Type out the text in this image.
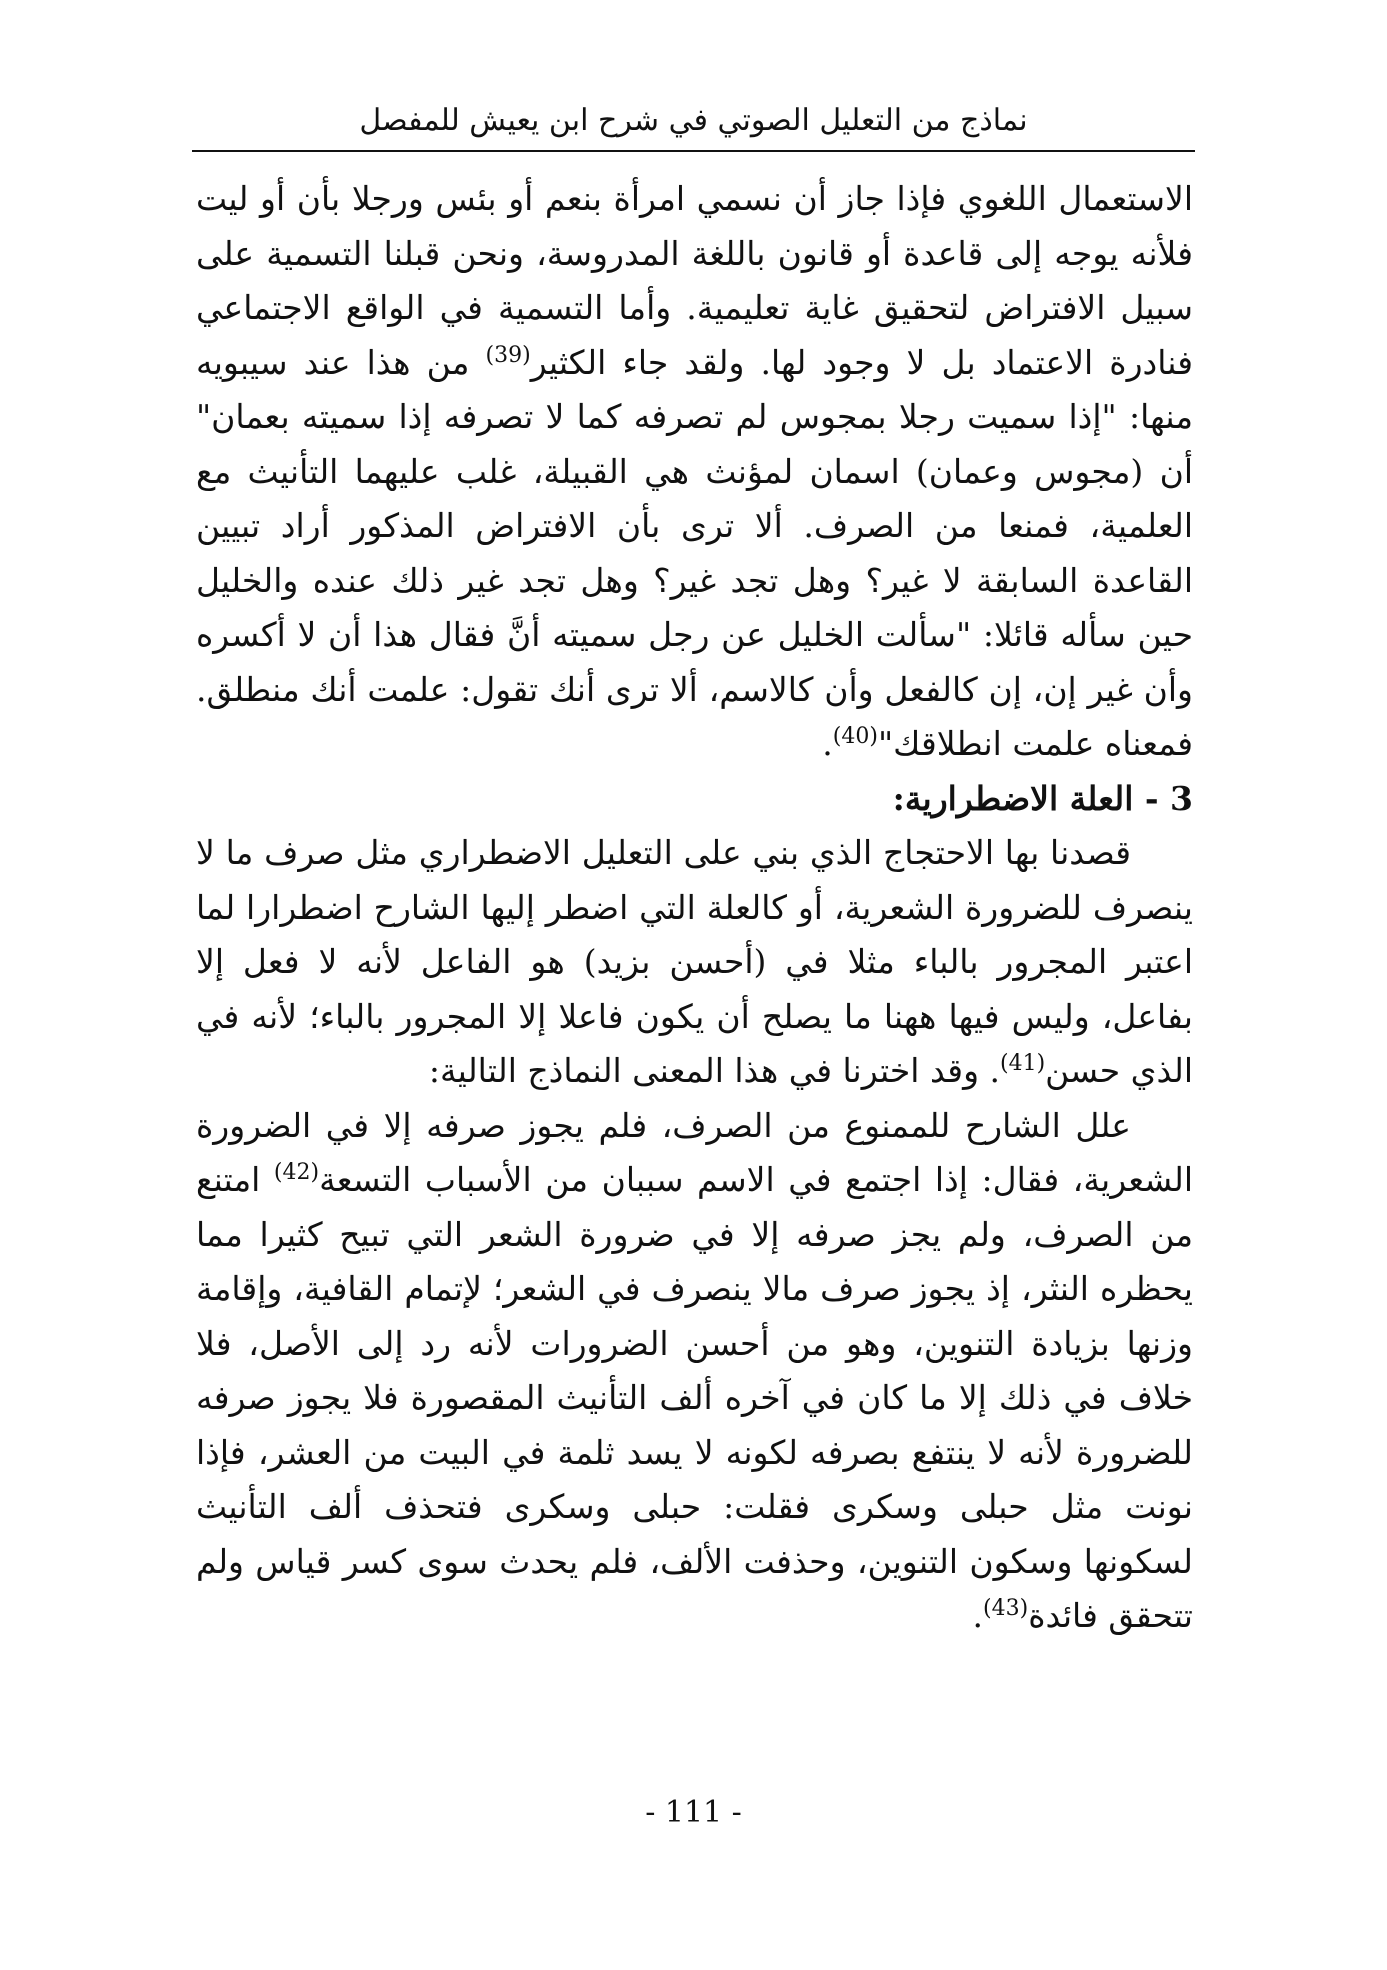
نماذج من التعليل الصوتي في شرح ابن يعيش للمفصل

الاستعمال اللغوي فإذا جاز أن نسمي امرأة بنعم أو بئس ورجلا بأن أو ليت فلأنه يوجه إلى قاعدة أو قانون باللغة المدروسة، ونحن قبلنا التسمية على سبيل الافتراض لتحقيق غاية تعليمية. وأما التسمية في الواقع الاجتماعي فنادرة الاعتماد بل لا وجود لها. ولقد جاء الكثير$^{(39)}$ من هذا عند سيبويه منها: "إذا سميت رجلا بمجوس لم تصرفه كما لا تصرفه إذا سميته بعمان" أن (مجوس وعمان) اسمان لمؤنث هي القبيلة، غلب عليهما التأنيث مع العلمية، فمنعا من الصرف. ألا ترى بأن الافتراض المذكور أراد تبيين القاعدة السابقة لا غير؟ وهل تجد غير؟ وهل تجد غير ذلك عنده والخليل حين سأله قائلا: "سألت الخليل عن رجل سميته أنَّ فقال هذا أن لا أكسره وأن غير إن، إن كالفعل وأن كالاسم، ألا ترى أنك تقول: علمت أنك منطلق. فمعناه علمت انطلاقك"$^{(40)}$.

3 - العلة الاضطرارية:

قصدنا بها الاحتجاج الذي بني على التعليل الاضطراري مثل صرف ما لا ينصرف للضرورة الشعرية، أو كالعلة التي اضطر إليها الشارح اضطرارا لما اعتبر المجرور بالباء مثلا في (أحسن بزيد) هو الفاعل لأنه لا فعل إلا بفاعل، وليس فيها ههنا ما يصلح أن يكون فاعلا إلا المجرور بالباء؛ لأنه في الذي حسن$^{(41)}$. وقد اخترنا في هذا المعنى النماذج التالية:

علل الشارح للممنوع من الصرف، فلم يجوز صرفه إلا في الضرورة الشعرية، فقال: إذا اجتمع في الاسم سببان من الأسباب التسعة$^{(42)}$ امتنع من الصرف، ولم يجز صرفه إلا في ضرورة الشعر التي تبيح كثيرا مما يحظره النثر، إذ يجوز صرف مالا ينصرف في الشعر؛ لإتمام القافية، وإقامة وزنها بزيادة التنوين، وهو من أحسن الضرورات لأنه رد إلى الأصل، فلا خلاف في ذلك إلا ما كان في آخره ألف التأنيث المقصورة فلا يجوز صرفه للضرورة لأنه لا ينتفع بصرفه لكونه لا يسد ثلمة في البيت من العشر، فإذا نونت مثل حبلى وسكرى فقلت: حبلى وسكرى فتحذف ألف التأنيث لسكونها وسكون التنوين، وحذفت الألف، فلم يحدث سوى كسر قياس ولم تتحقق فائدة$^{(43)}$.

- 111 -
